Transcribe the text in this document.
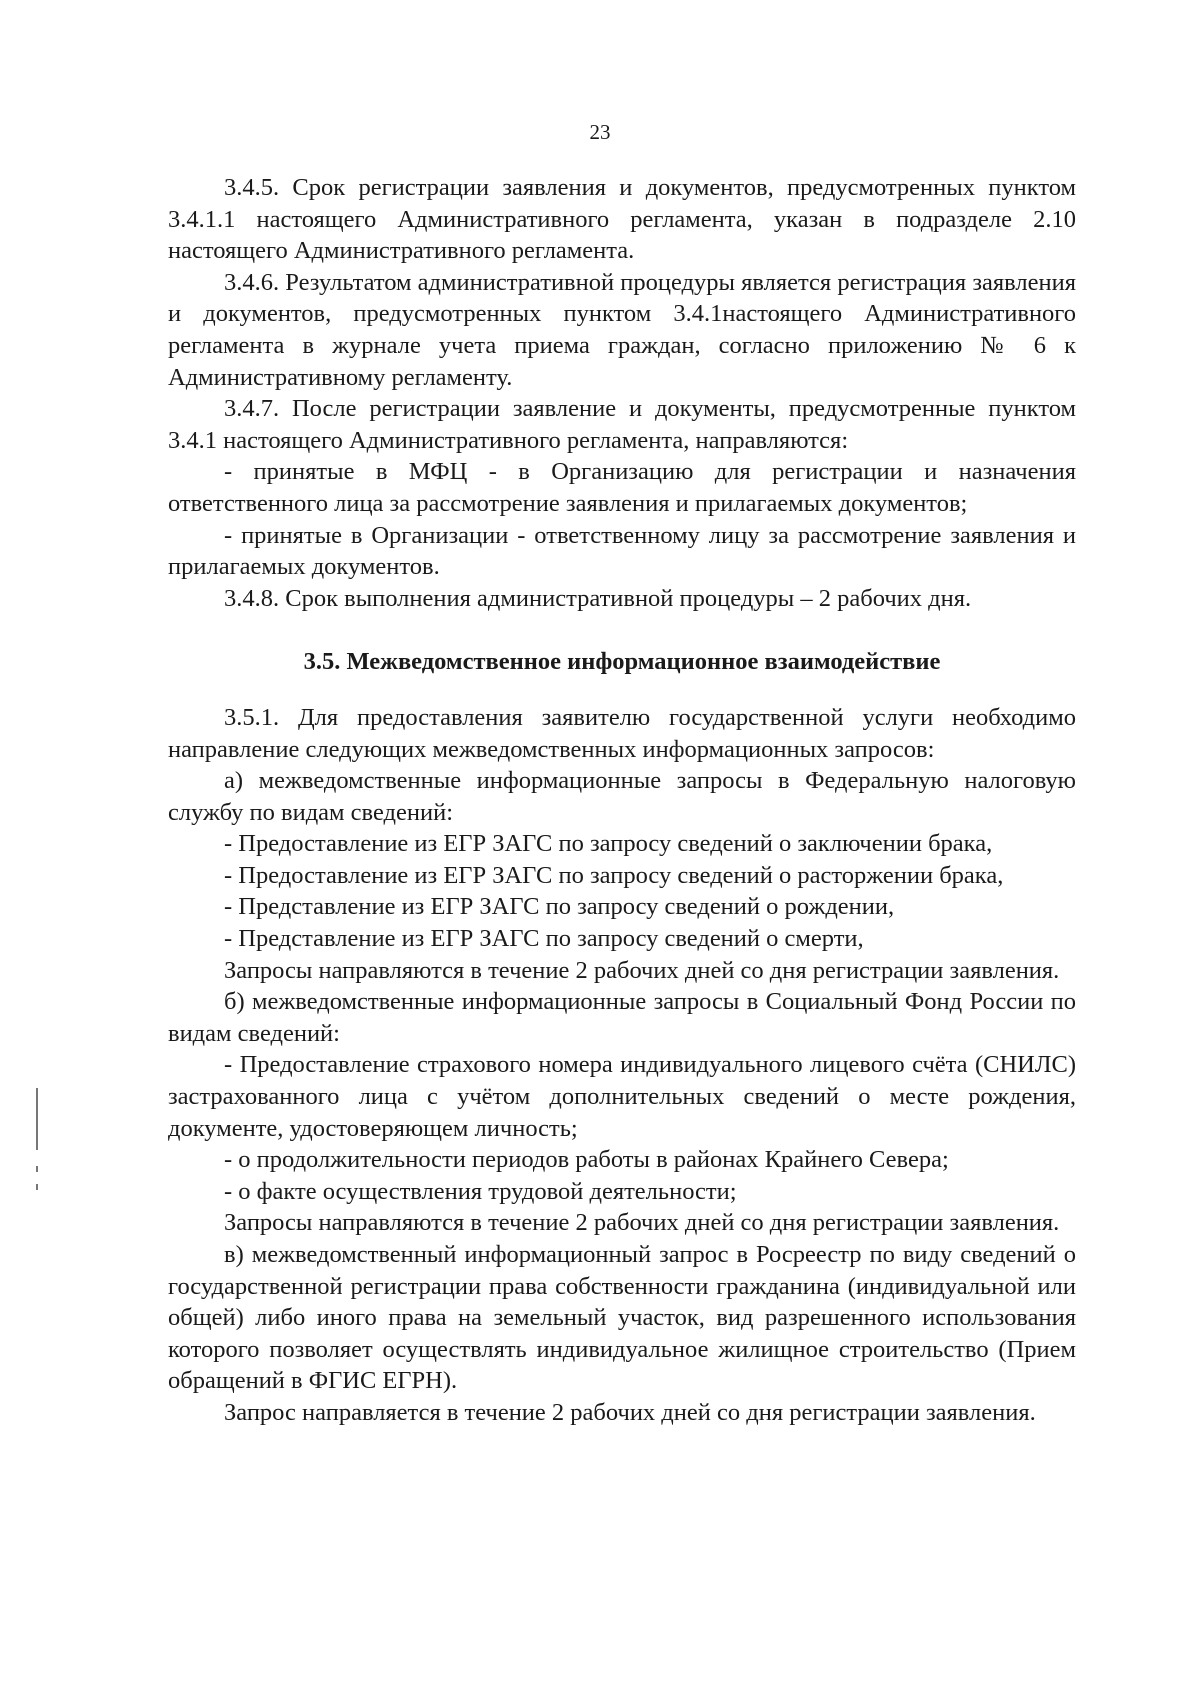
23

3.4.5. Срок регистрации заявления и документов, предусмотренных пунктом 3.4.1.1 настоящего Административного регламента, указан в подразделе 2.10 настоящего Административного регламента.

3.4.6. Результатом административной процедуры является регистрация заявления и документов, предусмотренных пунктом 3.4.1настоящего Административного регламента в журнале учета приема граждан, согласно приложению № 6 к Административному регламенту.

3.4.7. После регистрации заявление и документы, предусмотренные пунктом 3.4.1 настоящего Административного регламента, направляются:

- принятые в МФЦ - в Организацию для регистрации и назначения ответственного лица за рассмотрение заявления и прилагаемых документов;

- принятые в Организации - ответственному лицу за рассмотрение заявления и прилагаемых документов.

3.4.8. Срок выполнения административной процедуры – 2 рабочих дня.

3.5. Межведомственное информационное взаимодействие

3.5.1. Для предоставления заявителю государственной услуги необходимо направление следующих межведомственных информационных запросов:

а) межведомственные информационные запросы в Федеральную налоговую службу по видам сведений:

- Предоставление из ЕГР ЗАГС по запросу сведений о заключении брака,

- Предоставление из ЕГР ЗАГС по запросу сведений о расторжении брака,

- Представление из ЕГР ЗАГС по запросу сведений о рождении,

- Представление из ЕГР ЗАГС по запросу сведений о смерти,

Запросы направляются в течение 2 рабочих дней со дня регистрации заявления.

б) межведомственные информационные запросы в Социальный Фонд России по видам сведений:

- Предоставление страхового номера индивидуального лицевого счёта (СНИЛС) застрахованного лица с учётом дополнительных сведений о месте рождения, документе, удостоверяющем личность;

- о продолжительности периодов работы в районах Крайнего Севера;

- о факте осуществления трудовой деятельности;

Запросы направляются в течение 2 рабочих дней со дня регистрации заявления.

в) межведомственный информационный запрос в Росреестр по виду сведений о государственной регистрации права собственности гражданина (индивидуальной или общей) либо иного права на земельный участок, вид разрешенного использования которого позволяет осуществлять индивидуальное жилищное строительство (Прием обращений в ФГИС ЕГРН).

Запрос направляется в течение 2 рабочих дней со дня регистрации заявления.
